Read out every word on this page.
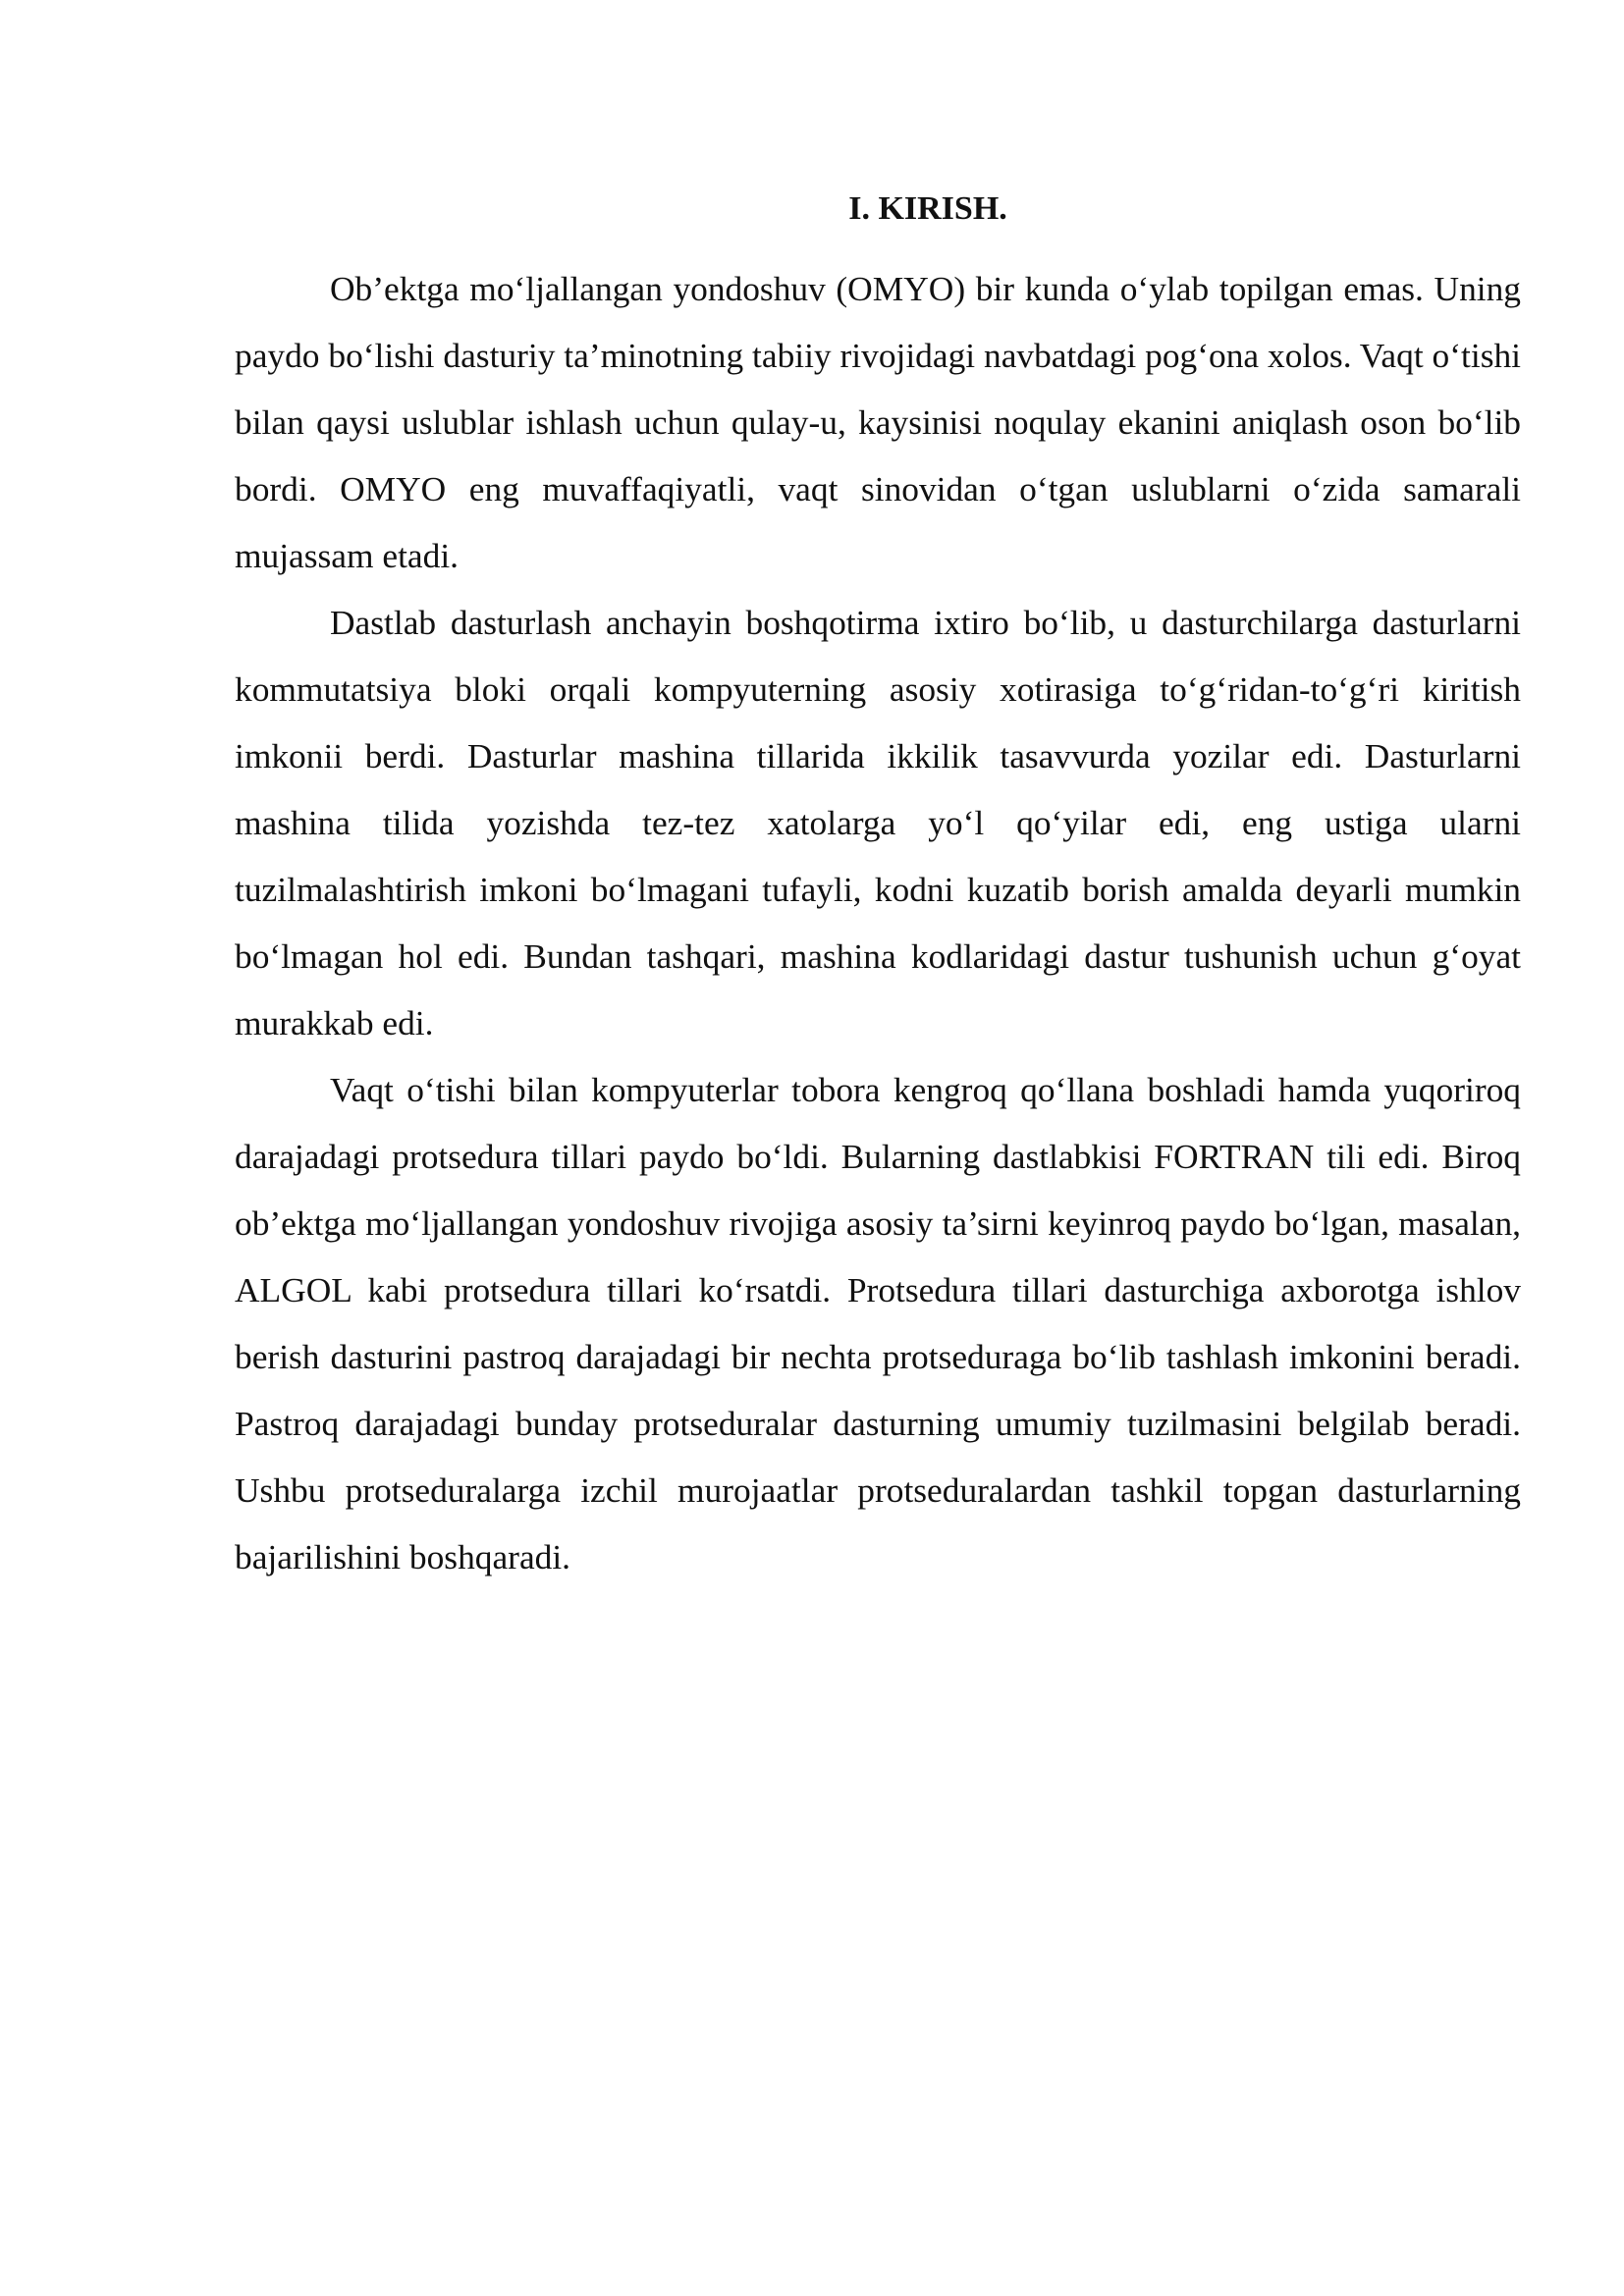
I. KIRISH.

Ob’ektga mo‘ljallangan yondoshuv (OMYO) bir kunda o‘ylab topilgan emas. Uning paydo bo‘lishi dasturiy ta’minotning tabiiy rivojidagi navbatdagi pog‘ona xolos. Vaqt o‘tishi bilan qaysi uslublar ishlash uchun qulay-u, kaysinisi noqulay ekanini aniqlash oson bo‘lib bordi. OMYO eng muvaffaqiyatli, vaqt sinovidan o‘tgan uslublarni o‘zida samarali mujassam etadi.

Dastlab dasturlash anchayin boshqotirma ixtiro bo‘lib, u dasturchilarga dasturlarni kommutatsiya bloki orqali kompyuterning asosiy xotirasiga to‘g‘ridan-to‘g‘ri kiritish imkonii berdi. Dasturlar mashina tillarida ikkilik tasavvurda yozilar edi. Dasturlarni mashina tilida yozishda tez-tez xatolarga yo‘l qo‘yilar edi, eng ustiga ularni tuzilmalashtirish imkoni bo‘lmagani tufayli, kodni kuzatib borish amalda deyarli mumkin bo‘lmagan hol edi. Bundan tashqari, mashina kodlaridagi dastur tushunish uchun g‘oyat murakkab edi.

Vaqt o‘tishi bilan kompyuterlar tobora kengroq qo‘llana boshladi hamda yuqoriroq darajadagi protsedura tillari paydo bo‘ldi. Bularning dastlabkisi FORTRAN tili edi. Biroq ob’ektga mo‘ljallangan yondoshuv rivojiga asosiy ta’sirni keyinroq paydo bo‘lgan, masalan, ALGOL kabi protsedura tillari ko‘rsatdi. Protsedura tillari dasturchiga axborotga ishlov berish dasturini pastroq darajadagi bir nechta protseduraga bo‘lib tashlash imkonini beradi. Pastroq darajadagi bunday protseduralar dasturning umumiy tuzilmasini belgilab beradi. Ushbu protseduralarga izchil murojaatlar protseduralardan tashkil topgan dasturlarning bajarilishini boshqaradi.
